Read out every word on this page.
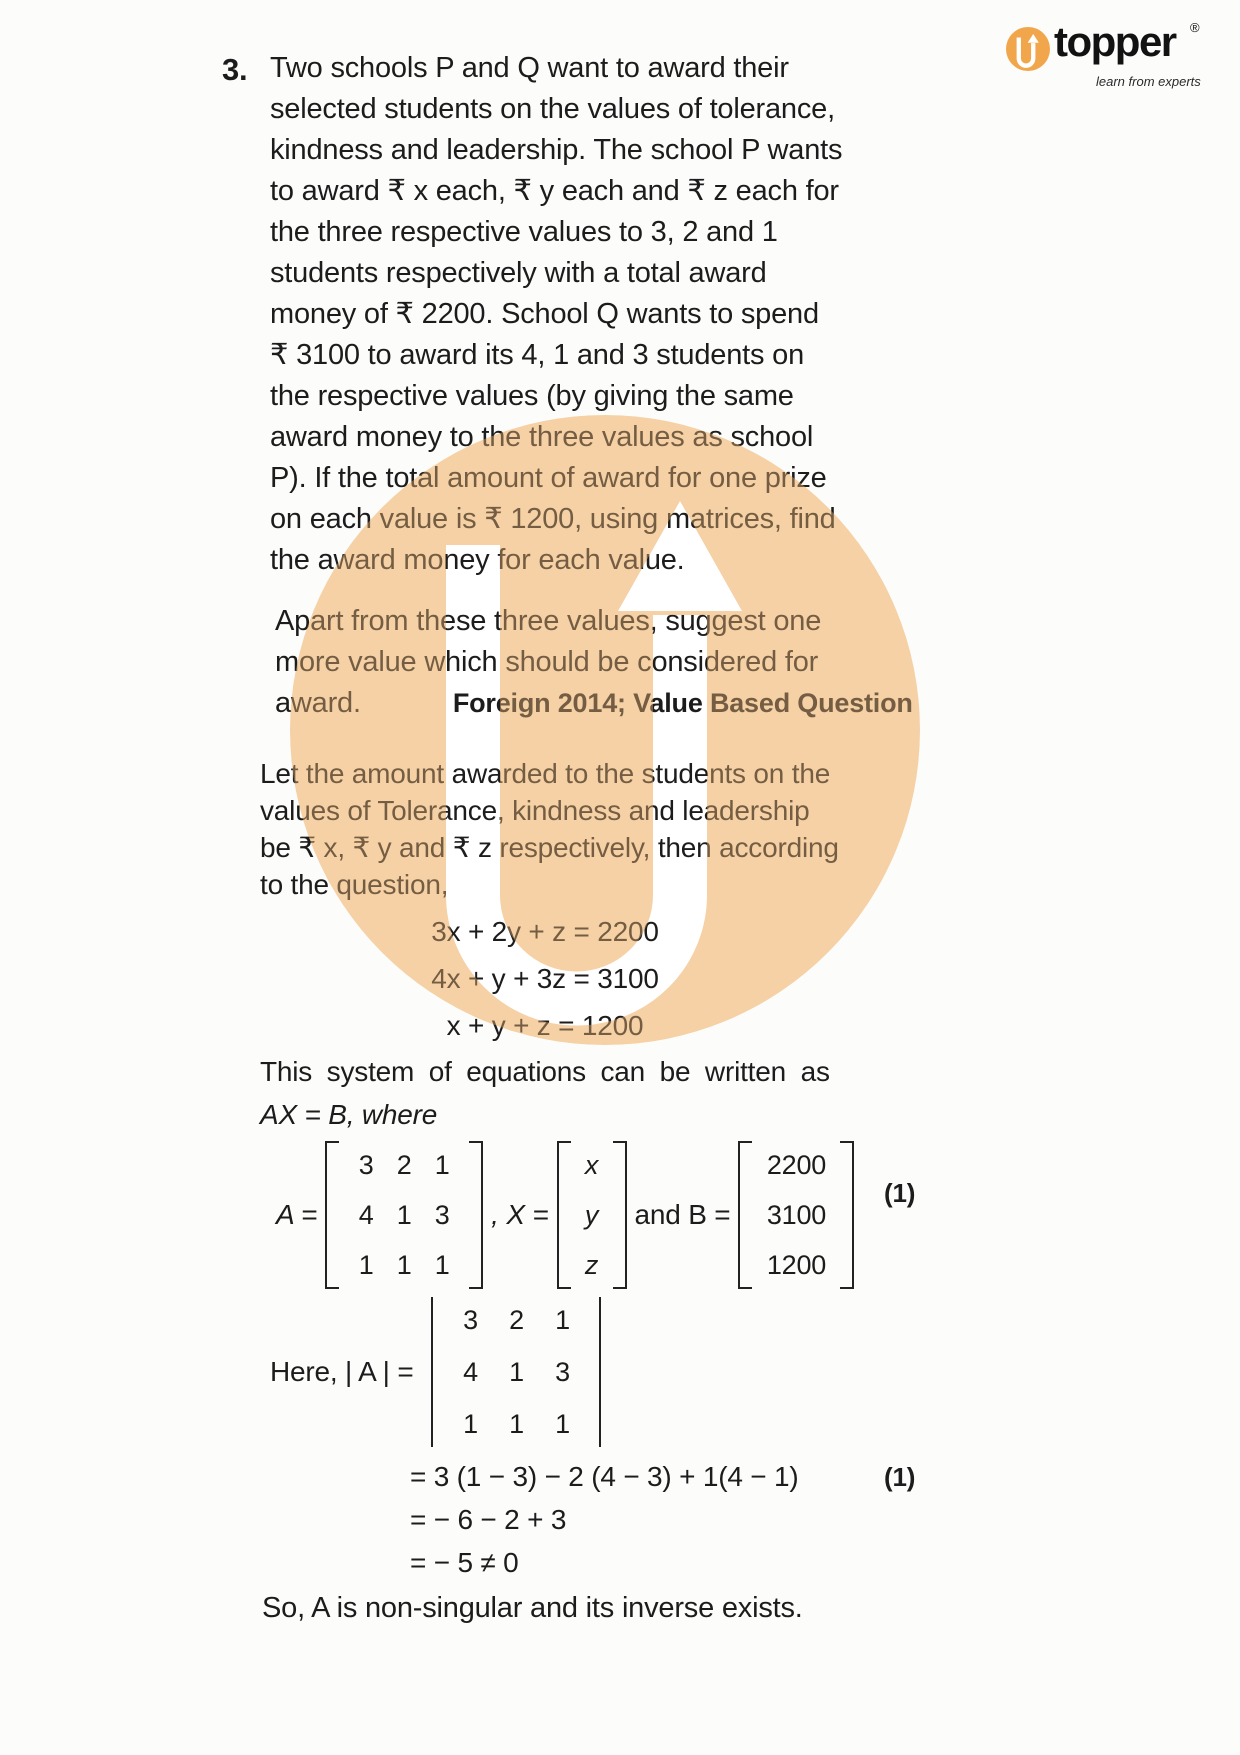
3. Two schools P and Q want to award their
selected students on the values of tolerance,
kindness and leadership. The school P wants
to award ₹ x each, ₹ y each and ₹ z each for
the three respective values to 3, 2 and 1
students respectively with a total award
money of ₹ 2200. School Q wants to spend
₹ 3100 to award its 4, 1 and 3 students on
the respective values (by giving the same
award money to the three values as school
P). If the total amount of award for one prize
on each value is ₹ 1200, using matrices, find
the award money for each value.
Apart from these three values, suggest one
more value which should be considered for
award.	Foreign 2014; Value Based Question
Let the amount awarded to the students on the
values of Tolerance, kindness and leadership
be ₹ x, ₹ y and ₹ z respectively, then according
to the question,
3x + 2y + z = 2200
4x + y + 3z = 3100
x + y + z = 1200
This system of equations can be written as
AX = B, where
A =
3 2 1
4 1 3
1 1 1
, X =
x
y
z
and B =
2200
3100
1200
(1)
Here, | A | =
3	2	1
4	1	3
1	1	1
= 3 (1 − 3) − 2 (4 − 3) + 1(4 − 1)
= − 6 − 2 + 3
= − 5 ≠ 0
(1)
So, A is non-singular and its inverse exists.
topper ®
learn from experts
